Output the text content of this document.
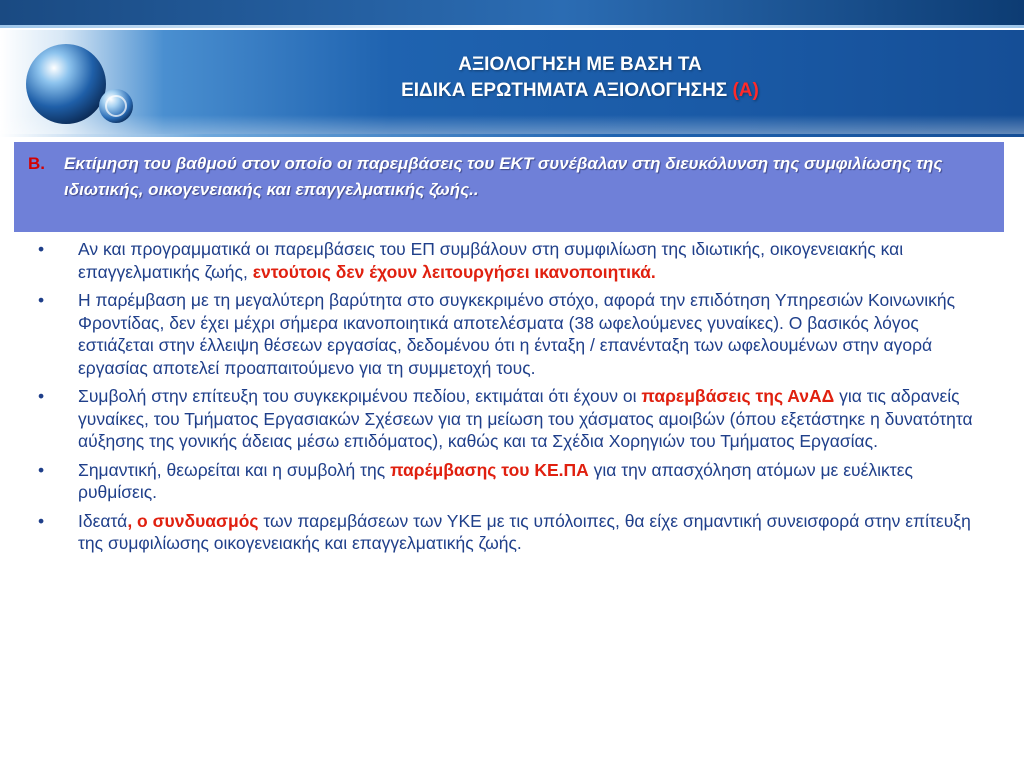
ΑΞΙΟΛΟΓΗΣΗ ΜΕ ΒΑΣΗ ΤΑ
ΕΙΔΙΚΑ ΕΡΩΤΗΜΑΤΑ ΑΞΙΟΛΟΓΗΣΗΣ (Α)
Β. Εκτίμηση του βαθμού στον οποίο οι παρεμβάσεις του ΕΚΤ συνέβαλαν στη διευκόλυνση της συμφιλίωσης της ιδιωτικής, οικογενειακής και επαγγελματικής ζωής..
• Αν και προγραμματικά οι παρεμβάσεις του ΕΠ συμβάλουν στη συμφιλίωση της ιδιωτικής, οικογενειακής και επαγγελματικής ζωής, εντούτοις δεν έχουν λειτουργήσει ικανοποιητικά.
• Η παρέμβαση με τη μεγαλύτερη βαρύτητα στο συγκεκριμένο στόχο, αφορά την επιδότηση Υπηρεσιών Κοινωνικής Φροντίδας, δεν έχει μέχρι σήμερα ικανοποιητικά αποτελέσματα (38 ωφελούμενες γυναίκες). Ο βασικός λόγος εστιάζεται στην έλλειψη θέσεων εργασίας, δεδομένου ότι η ένταξη / επανένταξη των ωφελουμένων στην αγορά εργασίας αποτελεί προαπαιτούμενο για τη συμμετοχή τους.
• Συμβολή στην επίτευξη του συγκεκριμένου πεδίου, εκτιμάται ότι έχουν οι παρεμβάσεις της ΑνΑΔ για τις αδρανείς γυναίκες, του Τμήματος Εργασιακών Σχέσεων για τη μείωση του χάσματος αμοιβών (όπου εξετάστηκε η δυνατότητα αύξησης της γονικής άδειας μέσω επιδόματος), καθώς και τα Σχέδια Χορηγιών του Τμήματος Εργασίας.
• Σημαντική, θεωρείται και η συμβολή της παρέμβασης του ΚΕ.ΠΑ για την απασχόληση ατόμων με ευέλικτες ρυθμίσεις.
• Ιδεατά, ο συνδυασμός των παρεμβάσεων των ΥΚΕ με τις υπόλοιπες, θα είχε σημαντική συνεισφορά στην επίτευξη της συμφιλίωσης οικογενειακής και επαγγελματικής ζωής.
